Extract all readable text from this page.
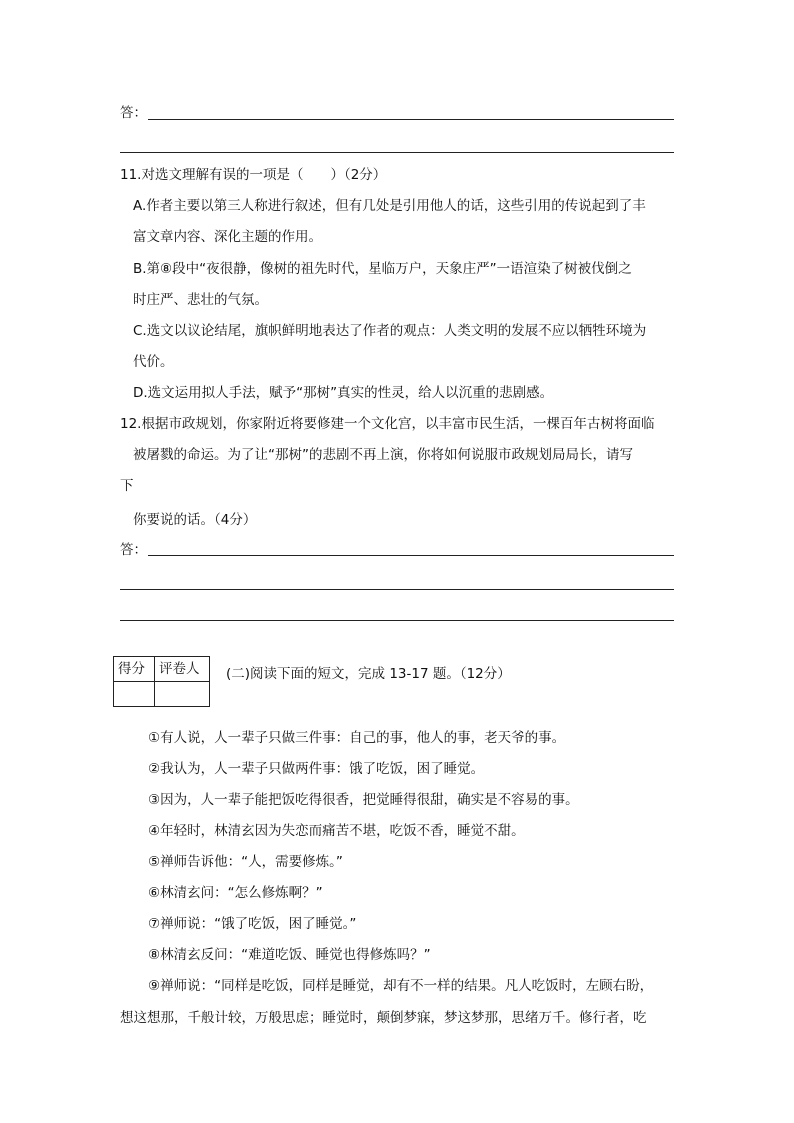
答：
11.对选文理解有误的一项是（　　）（2分）
A.作者主要以第三人称进行叙述，但有几处是引用他人的话，这些引用的传说起到了丰
富文章内容、深化主题的作用。
B.第⑧段中“夜很静，像树的祖先时代，星临万户，天象庄严”一语渲染了树被伐倒之
时庄严、悲壮的气氛。
C.选文以议论结尾，旗帜鲜明地表达了作者的观点：人类文明的发展不应以牺牲环境为
代价。
D.选文运用拟人手法，赋予“那树”真实的性灵，给人以沉重的悲剧感。
12.根据市政规划，你家附近将要修建一个文化宫，以丰富市民生活，一棵百年古树将面临
被屠戮的命运。为了让“那树”的悲剧不再上演，你将如何说服市政规划局局长，请写
下
你要说的话。（4分）
答：
得分	评卷人
	(二)阅读下面的短文，完成 13-17 题。（12分）
①有人说，人一辈子只做三件事：自己的事，他人的事，老天爷的事。
②我认为，人一辈子只做两件事：饿了吃饭，困了睡觉。
③因为，人一辈子能把饭吃得很香，把觉睡得很甜，确实是不容易的事。
④年轻时，林清玄因为失恋而痛苦不堪，吃饭不香，睡觉不甜。
⑤禅师告诉他：“人，需要修炼。”
⑥林清玄问：“怎么修炼啊？”
⑦禅师说：“饿了吃饭，困了睡觉。”
⑧林清玄反问：“难道吃饭、睡觉也得修炼吗？”
⑨禅师说：“同样是吃饭，同样是睡觉，却有不一样的结果。凡人吃饭时，左顾右盼，
想这想那，千般计较，万般思虑；睡觉时，颠倒梦寐，梦这梦那，思绪万千。修行者，吃
